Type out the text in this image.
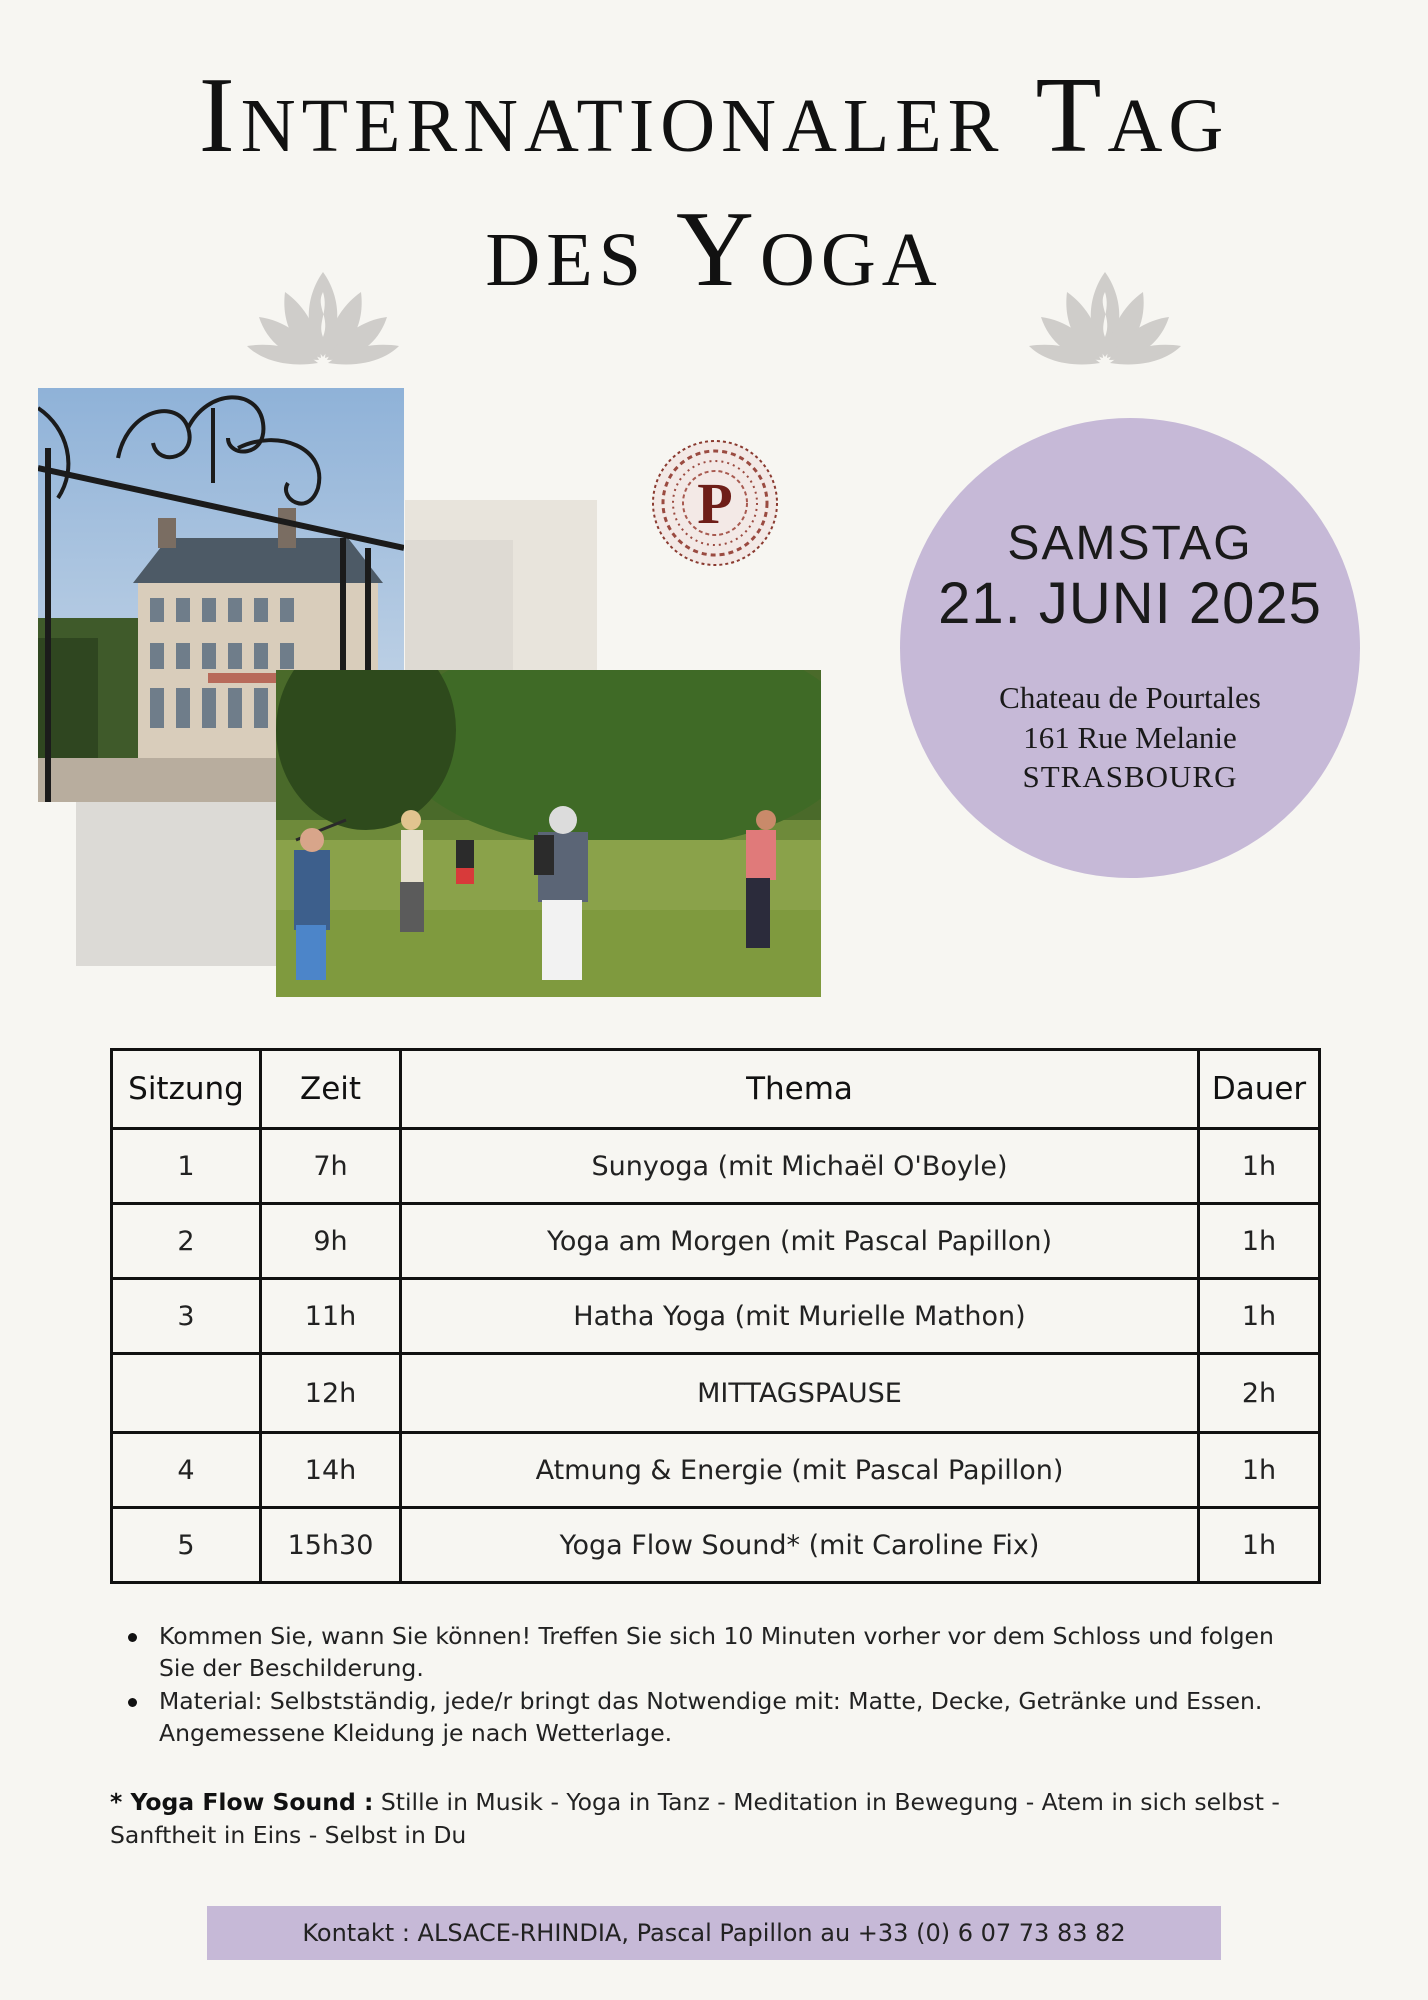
Internationaler Tag
des Yoga
P
SAMSTAG
21. JUNI 2025
Chateau de Pourtales
161 Rue Melanie
STRASBOURG
Sitzung	Zeit	Thema	Dauer
1	7h	Sunyoga (mit Michaël O'Boyle)	1h
2	9h	Yoga am Morgen (mit Pascal Papillon)	1h
3	11h	Hatha Yoga (mit Murielle Mathon)	1h
	12h	MITTAGSPAUSE	2h
4	14h	Atmung & Energie (mit Pascal Papillon)	1h
5	15h30	Yoga Flow Sound* (mit Caroline Fix)	1h
Kommen Sie, wann Sie können! Treffen Sie sich 10 Minuten vorher vor dem Schloss und folgen Sie der Beschilderung.
Material: Selbstständig, jede/r bringt das Notwendige mit: Matte, Decke, Getränke und Essen. Angemessene Kleidung je nach Wetterlage.
* Yoga Flow Sound : Stille in Musik - Yoga in Tanz - Meditation in Bewegung - Atem in sich selbst - Sanftheit in Eins - Selbst in Du
Kontakt : ALSACE-RHINDIA, Pascal Papillon au +33 (0) 6 07 73 83 82
